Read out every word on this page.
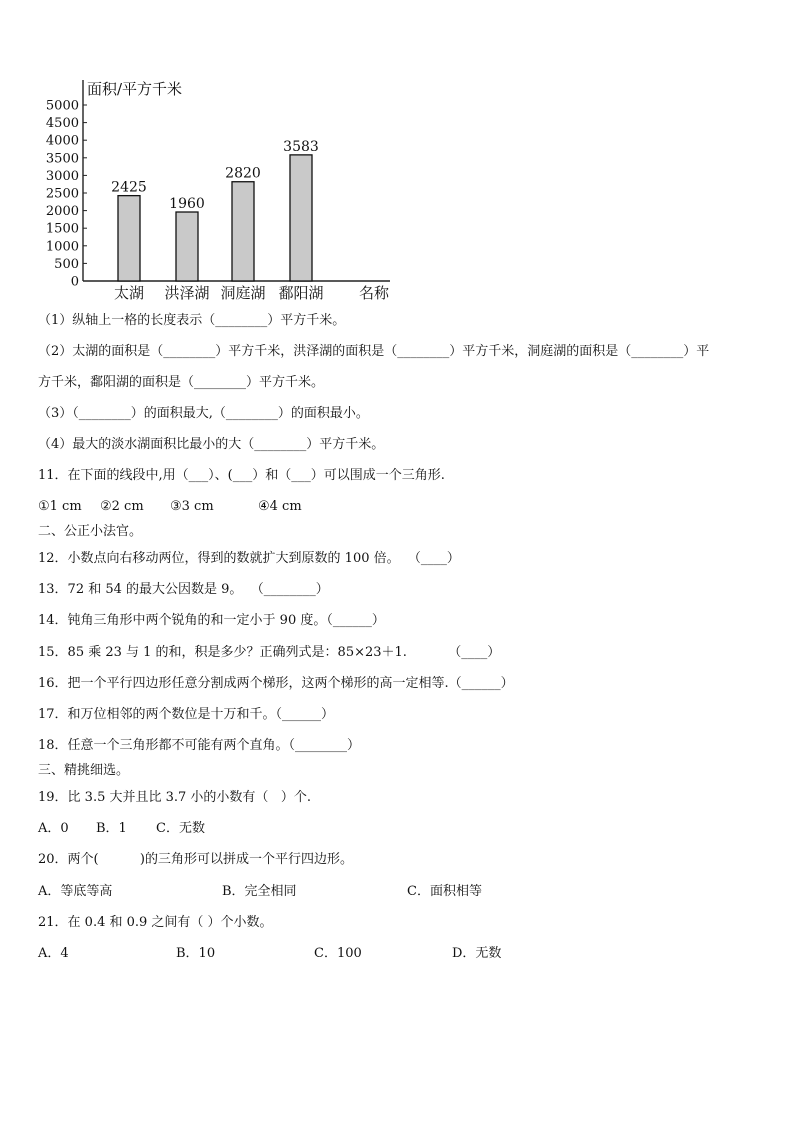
0
500
1000
1500
2000
2500
3000
3500
4000
4500
5000
面积/平方千米
2425
太湖
1960
洪泽湖
2820
洞庭湖
3583
鄱阳湖 名称
（1）纵轴上一格的长度表示（________）平方千米。
（2）太湖的面积是（________）平方千米，洪泽湖的面积是（________）平方千米，洞庭湖的面积是（________）平
方千米，鄱阳湖的面积是（________）平方千米。
（3）（________）的面积最大,（________）的面积最小。
（4）最大的淡水湖面积比最小的大（________）平方千米。
11．在下面的线段中,用（___）、(___）和（___）可以围成一个三角形.
①1 cm ②2 cm ③3 cm	④4 cm
二、公正小法官。
12．小数点向右移动两位，得到的数就扩大到原数的 100 倍。  （____）
13．72 和 54 的最大公因数是 9。  （________）
14．钝角三角形中两个锐角的和一定小于 90 度。（______）
15．85 乘 23 与 1 的和，积是多少？正确列式是：85×23＋1.          （____）
16．把一个平行四边形任意分割成两个梯形，这两个梯形的高一定相等.（______）
17．和万位相邻的两个数位是十万和千。（______）
18．任意一个三角形都不可能有两个直角。（________）
三、精挑细选。
19．比 3.5 大并且比 3.7 小的小数有（   ）个.
A．0 B．1 C．无数
20．两个(          )的三角形可以拼成一个平行四边形。
A．等底等高	B．完全相同	C．面积相等
21．在 0.4 和 0.9 之间有（ ）个小数。
A．4	B．10	C．100	D．无数
